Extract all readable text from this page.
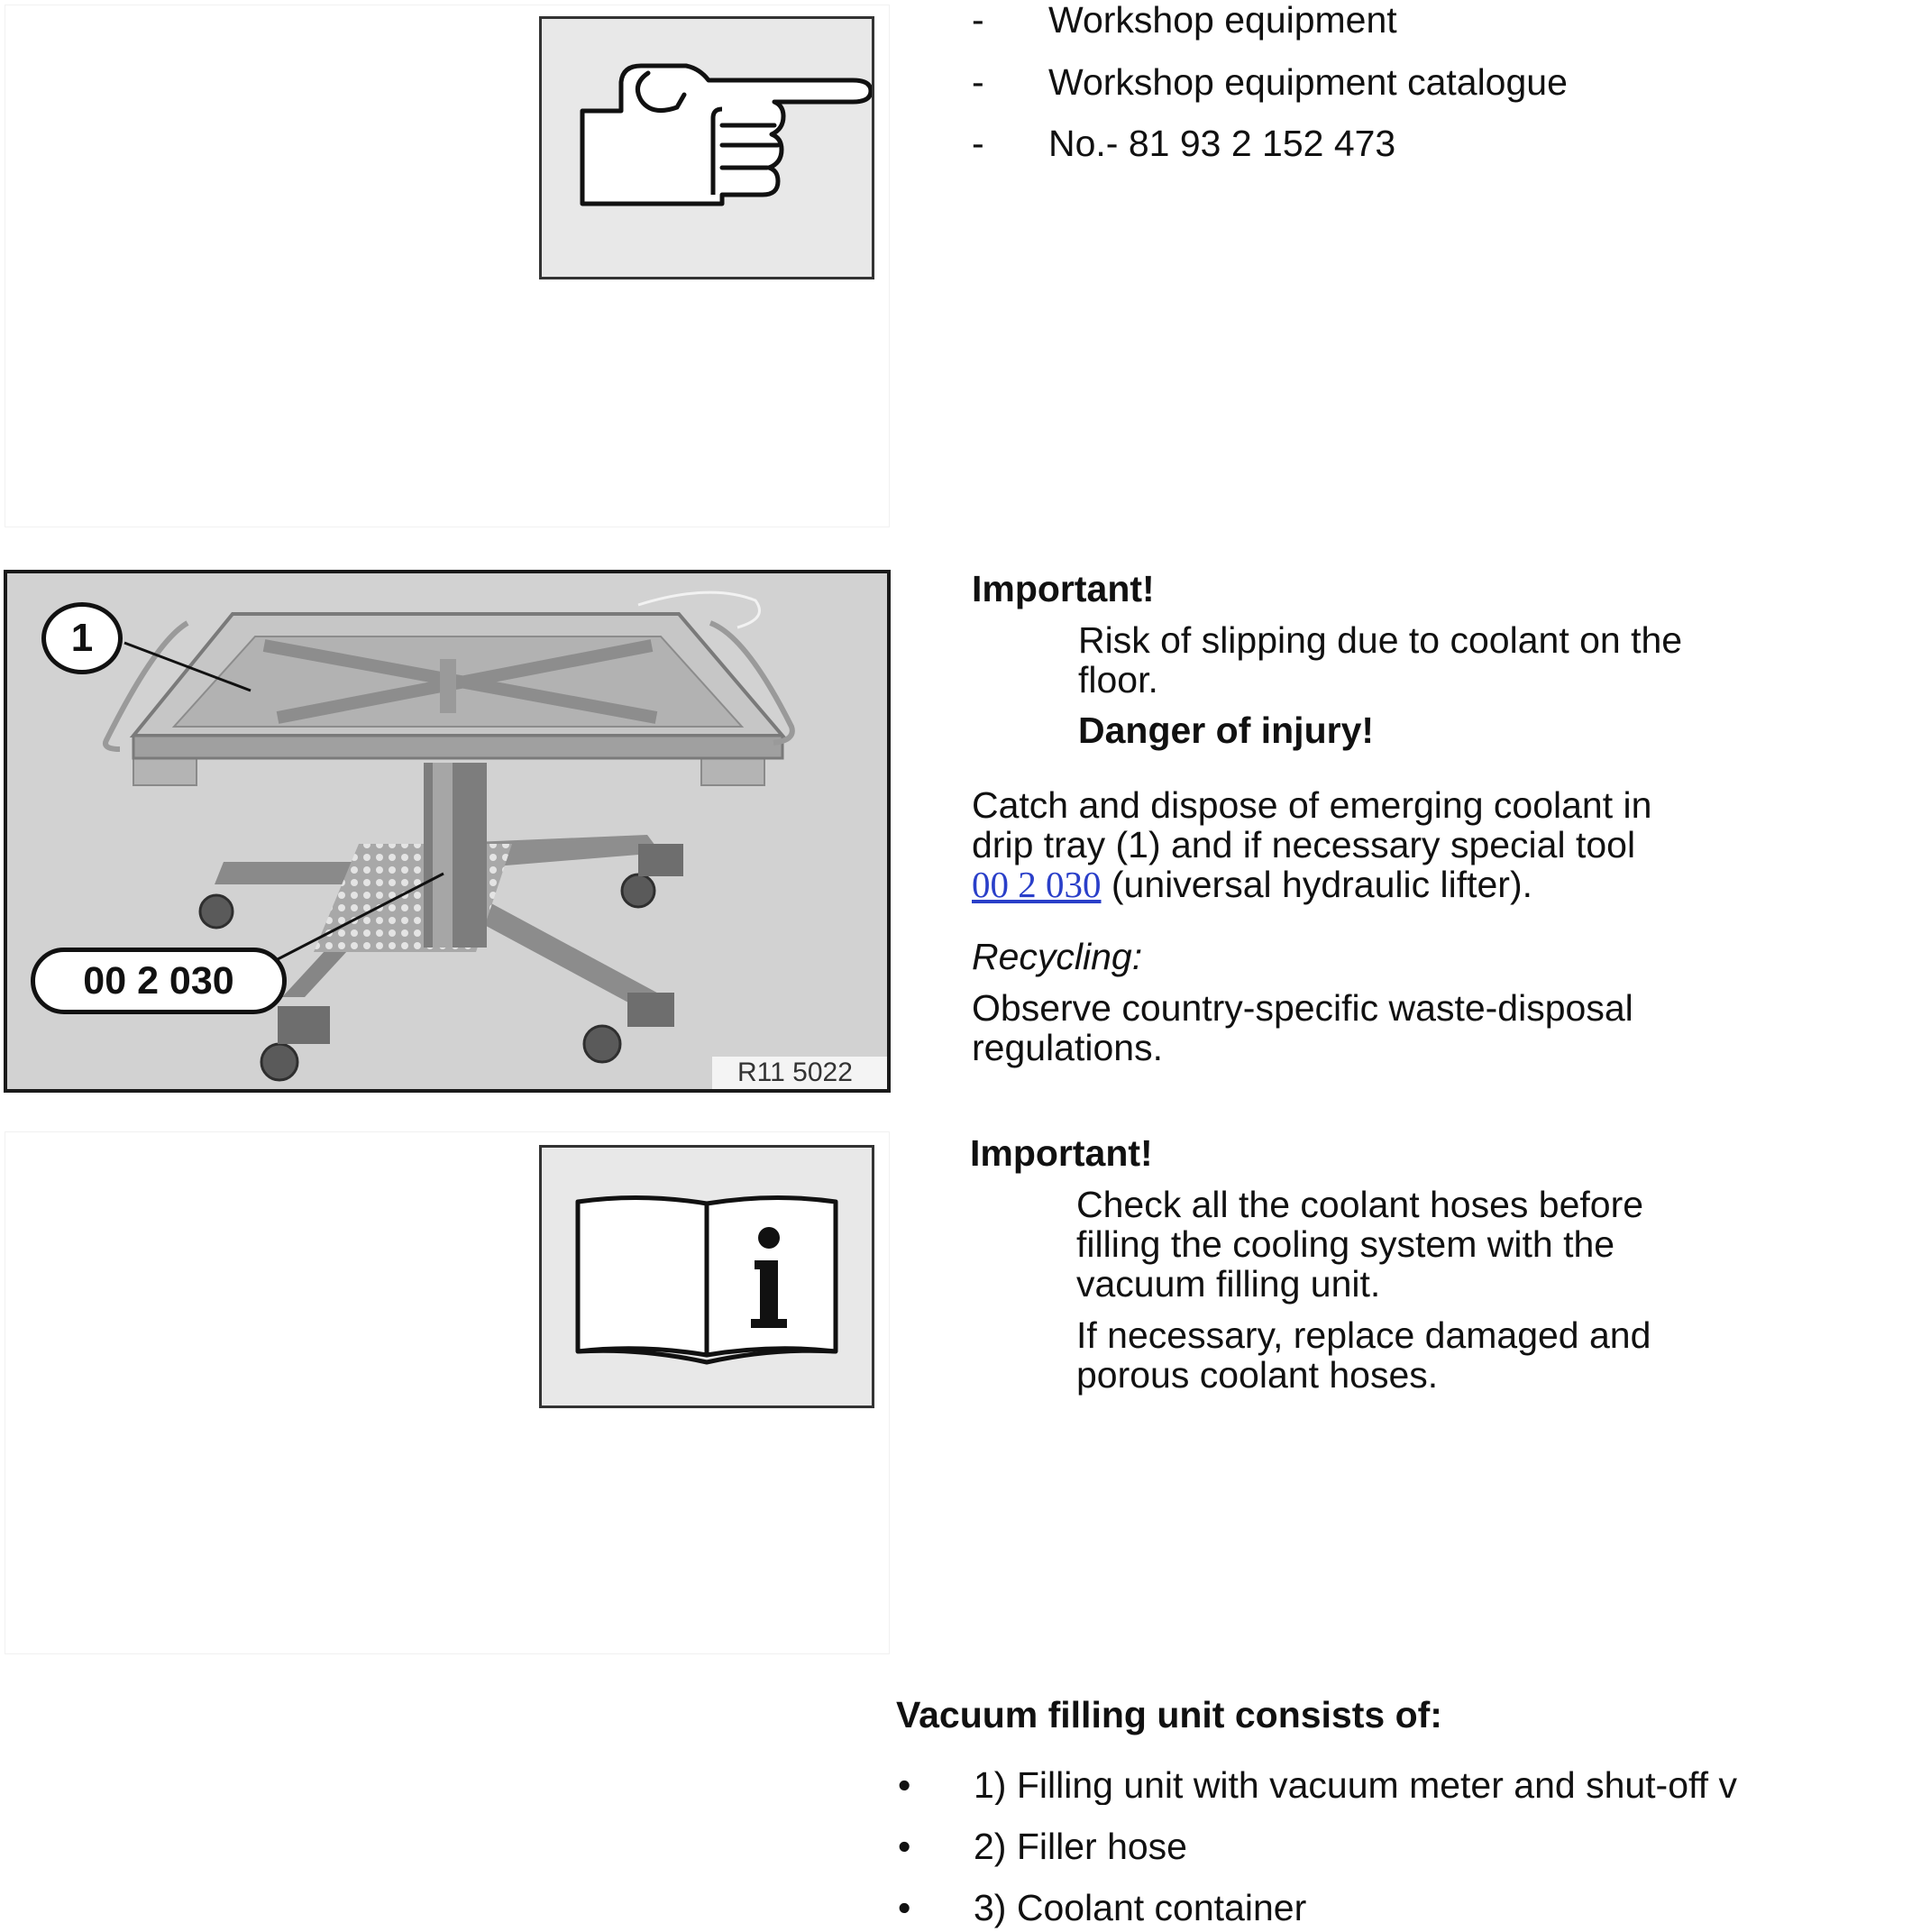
- Workshop equipment
- Workshop equipment catalogue
- No.- 81 93 2 152 473
1
00 2 030
R11 5022
Important!
Risk of slipping due to coolant on the
floor.
Danger of injury!
Catch and dispose of emerging coolant in
drip tray (1) and if necessary special tool
00 2 030 (universal hydraulic lifter).
Recycling:
Observe country-specific waste-disposal
regulations.
Important!
Check all the coolant hoses before
filling the cooling system with the
vacuum filling unit.
If necessary, replace damaged and
porous coolant hoses.
Vacuum filling unit consists of:
• 1) Filling unit with vacuum meter and shut-off v
• 2) Filler hose
• 3) Coolant container
